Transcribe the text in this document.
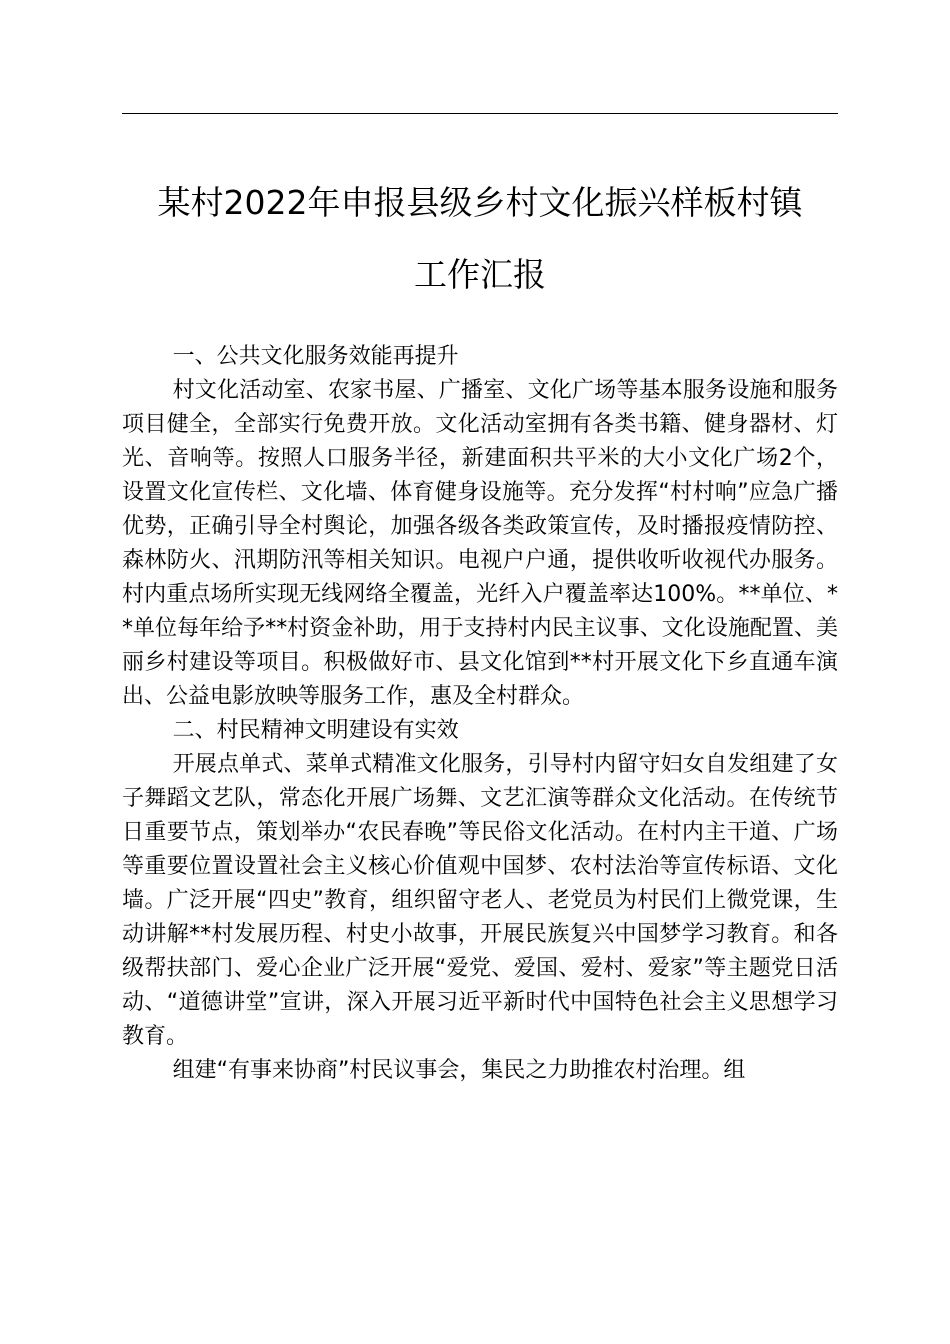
某村2022年申报县级乡村文化振兴样板村镇
工作汇报

一、公共文化服务效能再提升

村文化活动室、农家书屋、广播室、文化广场等基本服务设施和服务项目健全，全部实行免费开放。文化活动室拥有各类书籍、健身器材、灯光、音响等。按照人口服务半径，新建面积共平米的大小文化广场2个，设置文化宣传栏、文化墙、体育健身设施等。充分发挥“村村响”应急广播优势，正确引导全村舆论，加强各级各类政策宣传，及时播报疫情防控、森林防火、汛期防汛等相关知识。电视户户通，提供收听收视代办服务。村内重点场所实现无线网络全覆盖，光纤入户覆盖率达100%。**单位、**单位每年给予**村资金补助，用于支持村内民主议事、文化设施配置、美丽乡村建设等项目。积极做好市、县文化馆到**村开展文化下乡直通车演出、公益电影放映等服务工作，惠及全村群众。

二、村民精神文明建设有实效

开展点单式、菜单式精准文化服务，引导村内留守妇女自发组建了女子舞蹈文艺队，常态化开展广场舞、文艺汇演等群众文化活动。在传统节日重要节点，策划举办“农民春晚”等民俗文化活动。在村内主干道、广场等重要位置设置社会主义核心价值观中国梦、农村法治等宣传标语、文化墙。广泛开展“四史”教育，组织留守老人、老党员为村民们上微党课，生动讲解**村发展历程、村史小故事，开展民族复兴中国梦学习教育。和各级帮扶部门、爱心企业广泛开展“爱党、爱国、爱村、爱家”等主题党日活动、“道德讲堂”宣讲，深入开展习近平新时代中国特色社会主义思想学习教育。

组建“有事来协商”村民议事会，集民之力助推农村治理。组
